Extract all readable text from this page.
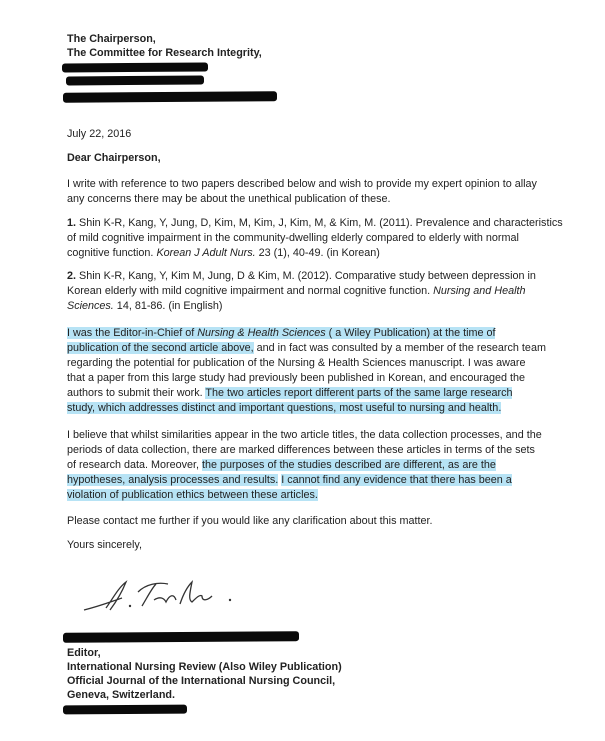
The Chairperson,
The Committee for Research Integrity,
July 22, 2016
Dear Chairperson,
I write with reference to two papers described below and wish to provide my expert opinion to allay
any concerns there may be about the unethical publication of these.
1. Shin K-R, Kang, Y, Jung, D, Kim, M, Kim, J, Kim, M, & Kim, M. (2011). Prevalence and characteristics
of mild cognitive impairment in the community-dwelling elderly compared to elderly with normal
cognitive function. Korean J Adult Nurs. 23 (1), 40-49. (in Korean)
2. Shin K-R, Kang, Y, Kim M, Jung, D & Kim, M. (2012). Comparative study between depression in
Korean elderly with mild cognitive impairment and normal cognitive function. Nursing and Health
Sciences. 14, 81-86. (in English)
I was the Editor-in-Chief of Nursing & Health Sciences ( a Wiley Publication) at the time of
publication of the second article above, and in fact was consulted by a member of the research team
regarding the potential for publication of the Nursing & Health Sciences manuscript. I was aware
that a paper from this large study had previously been published in Korean, and encouraged the
authors to submit their work. The two articles report different parts of the same large research
study, which addresses distinct and important questions, most useful to nursing and health.
I believe that whilst similarities appear in the two article titles, the data collection processes, and the
periods of data collection, there are marked differences between these articles in terms of the sets
of research data. Moreover, the purposes of the studies described are different, as are the
hypotheses, analysis processes and results. I cannot find any evidence that there has been a
violation of publication ethics between these articles.
Please contact me further if you would like any clarification about this matter.
Yours sincerely,
S. Fralle.
Editor,
International Nursing Review (Also Wiley Publication)
Official Journal of the International Nursing Council,
Geneva, Switzerland.
